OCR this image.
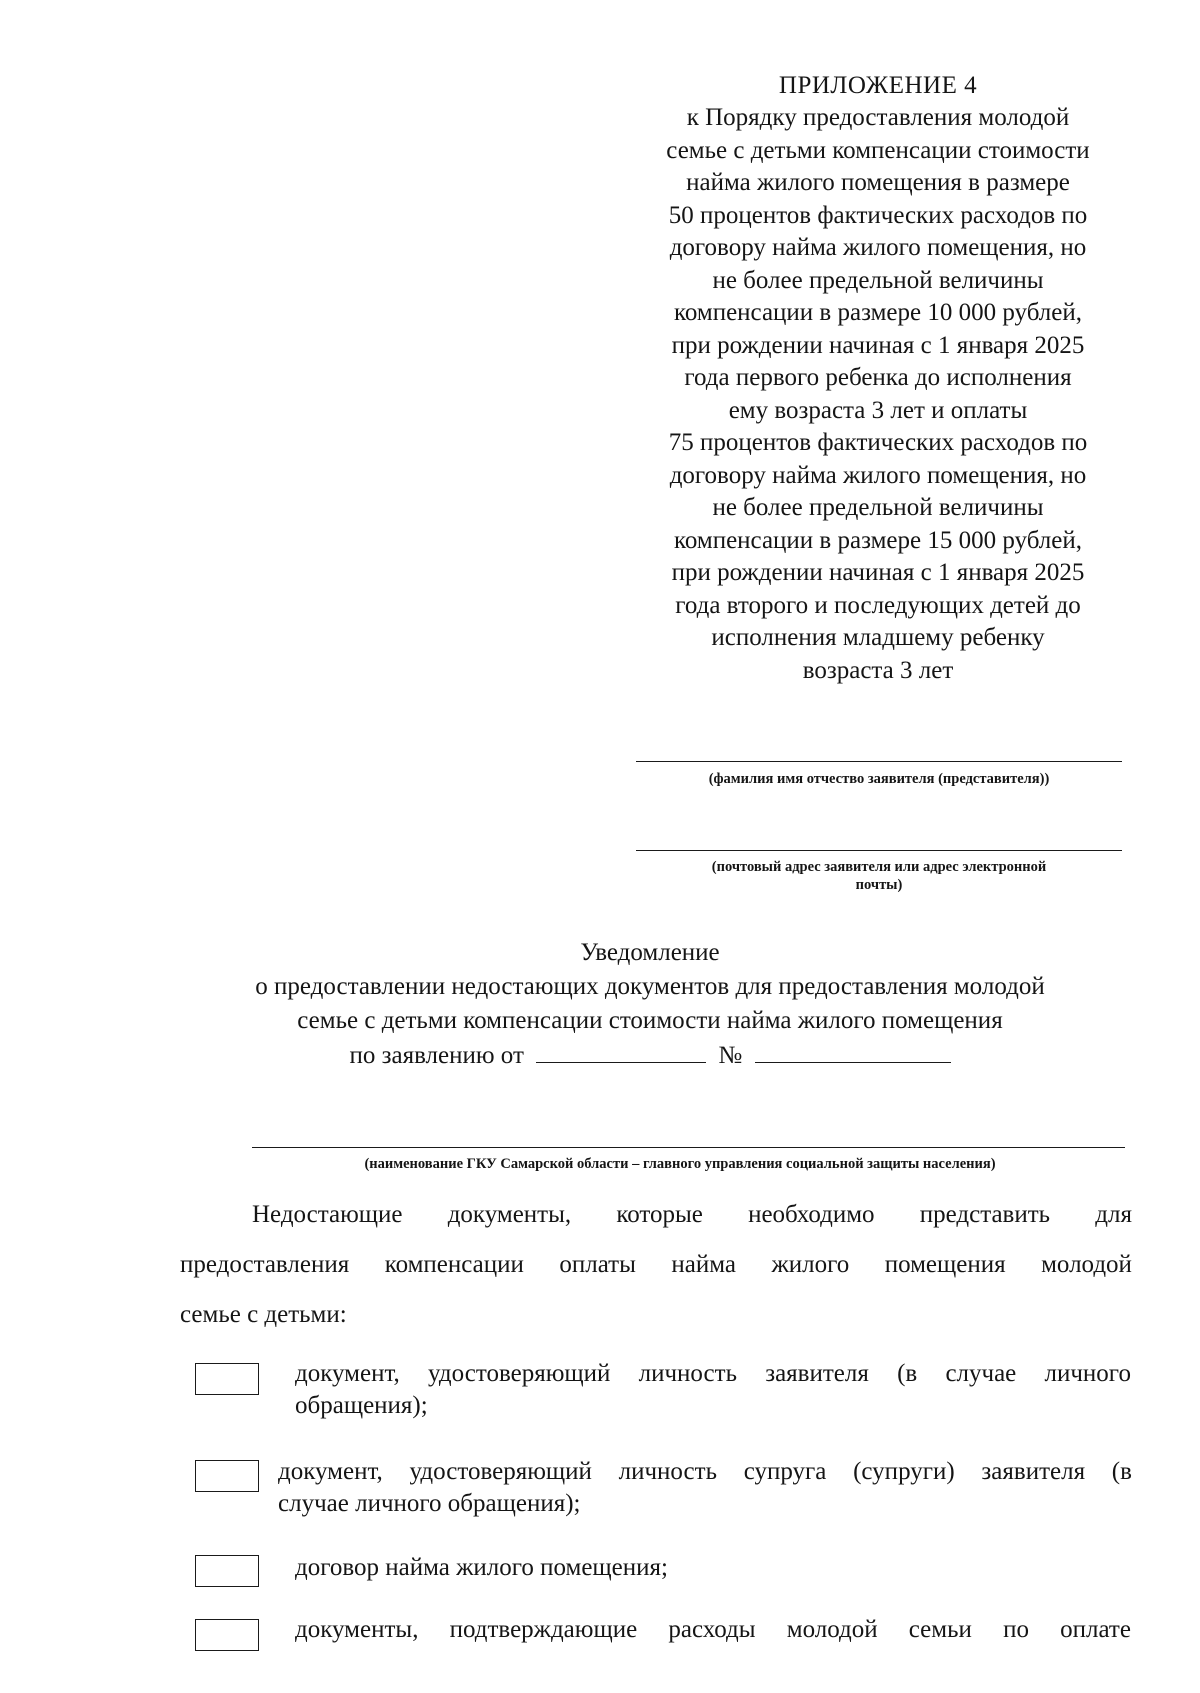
ПРИЛОЖЕНИЕ 4
к Порядку предоставления молодой
семье с детьми компенсации стоимости
найма жилого помещения в размере
50 процентов фактических расходов по
договору найма жилого помещения, но
не более предельной величины
компенсации в размере 10 000 рублей,
при рождении начиная с 1 января 2025
года первого ребенка до исполнения
ему возраста 3 лет и оплаты
75 процентов фактических расходов по
договору найма жилого помещения, но
не более предельной величины
компенсации в размере 15 000 рублей,
при рождении начиная с 1 января 2025
года второго и последующих детей до
исполнения младшему ребенку
возраста 3 лет
(фамилия имя отчество заявителя (представителя))
(почтовый адрес заявителя или адрес электронной
почты)
Уведомление
о предоставлении недостающих документов для предоставления молодой
семье с детьми компенсации стоимости найма жилого помещения
по заявлению от	№
(наименование ГКУ Самарской области – главного управления социальной защиты населения)
Недостающие документы, которые необходимо представить для
предоставления компенсации оплаты найма жилого помещения молодой
семье с детьми:
документ, удостоверяющий личность заявителя (в случае личного
обращения);
документ, удостоверяющий личность супруга (супруги) заявителя (в
случае личного обращения);
договор найма жилого помещения;
документы, подтверждающие расходы молодой семьи по оплате
